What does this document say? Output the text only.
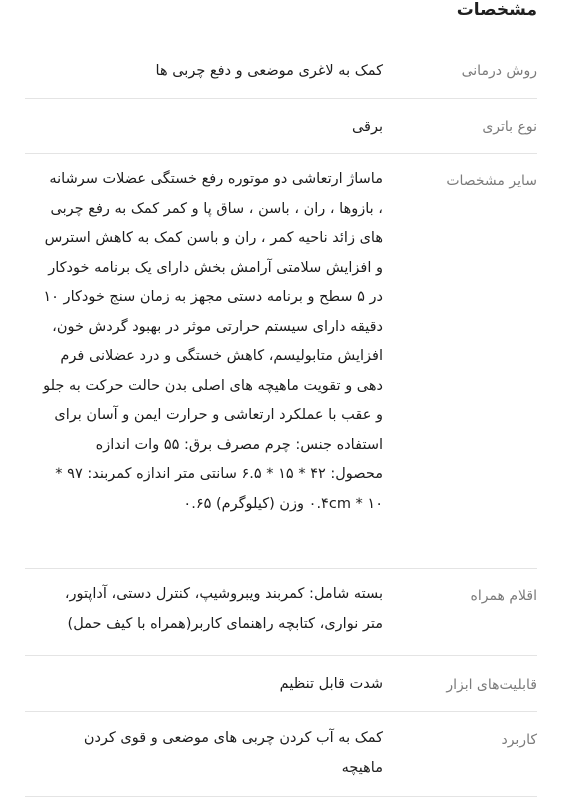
مشخصات
روش درمانی
کمک به لاغری موضعی و دفع چربی ها
نوع باتری
برقی
سایر مشخصات
ماساژ ارتعاشی دو موتوره رفع خستگی عضلات سرشانه ، بازوها ، ران ، باسن ، ساق پا و کمر کمک به رفع چربی های زائد ناحیه کمر ، ران و باسن کمک به کاهش استرس و افزایش سلامتی آرامش بخش دارای یک برنامه خودکار در ۵ سطح و برنامه دستی مجهز به زمان سنج خودکار ۱۰ دقیقه دارای سیستم حرارتی موثر در بهبود گردش خون، افزایش متابولیسم، کاهش خستگی و درد عضلانی فرم دهی و تقویت ماهیچه های اصلی بدن حالت حرکت به جلو و عقب با عملکرد ارتعاشی و حرارت ایمن و آسان برای استفاده جنس: چرم مصرف برق: ۵۵ وات اندازه محصول: ۴۲ * ۱۵ * ۶.۵ سانتی متر اندازه کمربند: ۹۷ * ۱۰ * ۰.۴cm وزن (کیلوگرم) ۰.۶۵
اقلام همراه
بسته شامل: کمربند ویبروشیپ، کنترل دستی، آداپتور، متر نواری، کتابچه راهنمای کاربر(همراه با کیف حمل)
قابلیت‌های ابزار
شدت قابل تنظیم
کاربرد
کمک به آب کردن چربی های موضعی و قوی کردن ماهیچه
